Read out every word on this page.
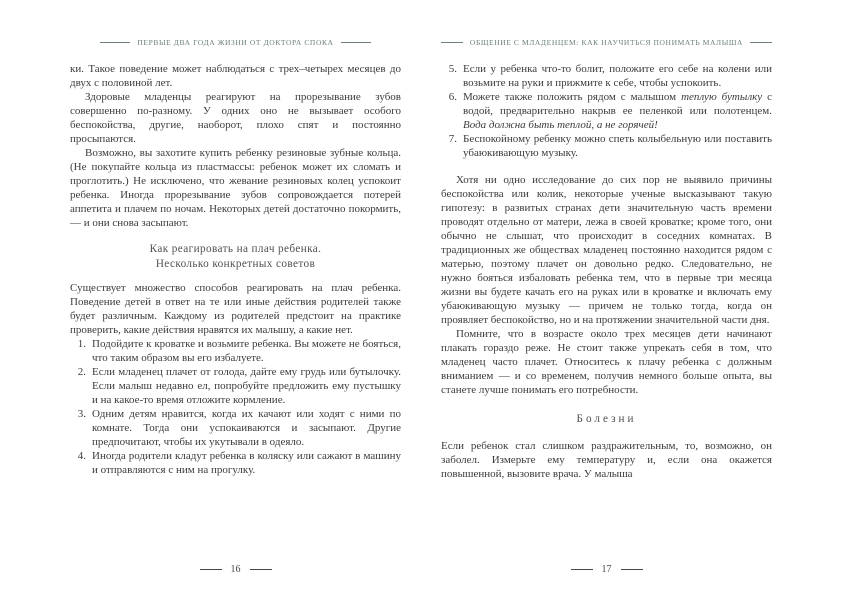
ПЕРВЫЕ ДВА ГОДА ЖИЗНИ ОТ ДОКТОРА СПОКА

ки. Такое поведение может наблюдаться с трех–четырех месяцев до двух с половиной лет.

Здоровые младенцы реагируют на прорезывание зубов совершенно по-разному. У одних оно не вызывает особого беспокойства, другие, наоборот, плохо спят и постоянно просыпаются.

Возможно, вы захотите купить ребенку резиновые зубные кольца. (Не покупайте кольца из пластмассы: ребенок может их сломать и проглотить.) Не исключено, что жевание резиновых колец успокоит ребенка. Иногда прорезывание зубов сопровождается потерей аппетита и плачем по ночам. Некоторых детей достаточно покормить, — и они снова засыпают.

Как реагировать на плач ребенка.
Несколько конкретных советов

Существует множество способов реагировать на плач ребенка. Поведение детей в ответ на те или иные действия родителей также будет различным. Каждому из родителей предстоит на практике проверить, какие действия нравятся их малышу, а какие нет.

1. Подойдите к кроватке и возьмите ребенка. Вы можете не бояться, что таким образом вы его избалуете.
2. Если младенец плачет от голода, дайте ему грудь или бутылочку. Если малыш недавно ел, попробуйте предложить ему пустышку и на какое-то время отложите кормление.
3. Одним детям нравится, когда их качают или ходят с ними по комнате. Тогда они успокаиваются и засыпают. Другие предпочитают, чтобы их укутывали в одеяло.
4. Иногда родители кладут ребенка в коляску или сажают в машину и отправляются с ним на прогулку.
16
ОБЩЕНИЕ С МЛАДЕНЦЕМ: КАК НАУЧИТЬСЯ ПОНИМАТЬ МАЛЫША
5. Если у ребенка что-то болит, положите его себе на колени или возьмите на руки и прижмите к себе, чтобы успокоить.
6. Можете также положить рядом с малышом теплую бутылку с водой, предварительно накрыв ее пеленкой или полотенцем. Вода должна быть теплой, а не горячей!
7. Беспокойному ребенку можно спеть колыбельную или поставить убаюкивающую музыку.

Хотя ни одно исследование до сих пор не выявило причины беспокойства или колик, некоторые ученые высказывают такую гипотезу: в развитых странах дети значительную часть времени проводят отдельно от матери, лежа в своей кроватке; кроме того, они обычно не слышат, что происходит в соседних комнатах. В традиционных же обществах младенец постоянно находится рядом с матерью, поэтому плачет он довольно редко. Следовательно, не нужно бояться избаловать ребенка тем, что в первые три месяца жизни вы будете качать его на руках или в кроватке и включать ему убаюкивающую музыку — причем не только тогда, когда он проявляет беспокойство, но и на протяжении значительной части дня.

Помните, что в возрасте около трех месяцев дети начинают плакать гораздо реже. Не стоит также упрекать себя в том, что младенец часто плачет. Относитесь к плачу ребенка с должным вниманием — и со временем, получив немного больше опыта, вы станете лучше понимать его потребности.

Болезни

Если ребенок стал слишком раздражительным, то, возможно, он заболел. Измерьте ему температуру и, если она окажется повышенной, вызовите врача. У малыша

17
